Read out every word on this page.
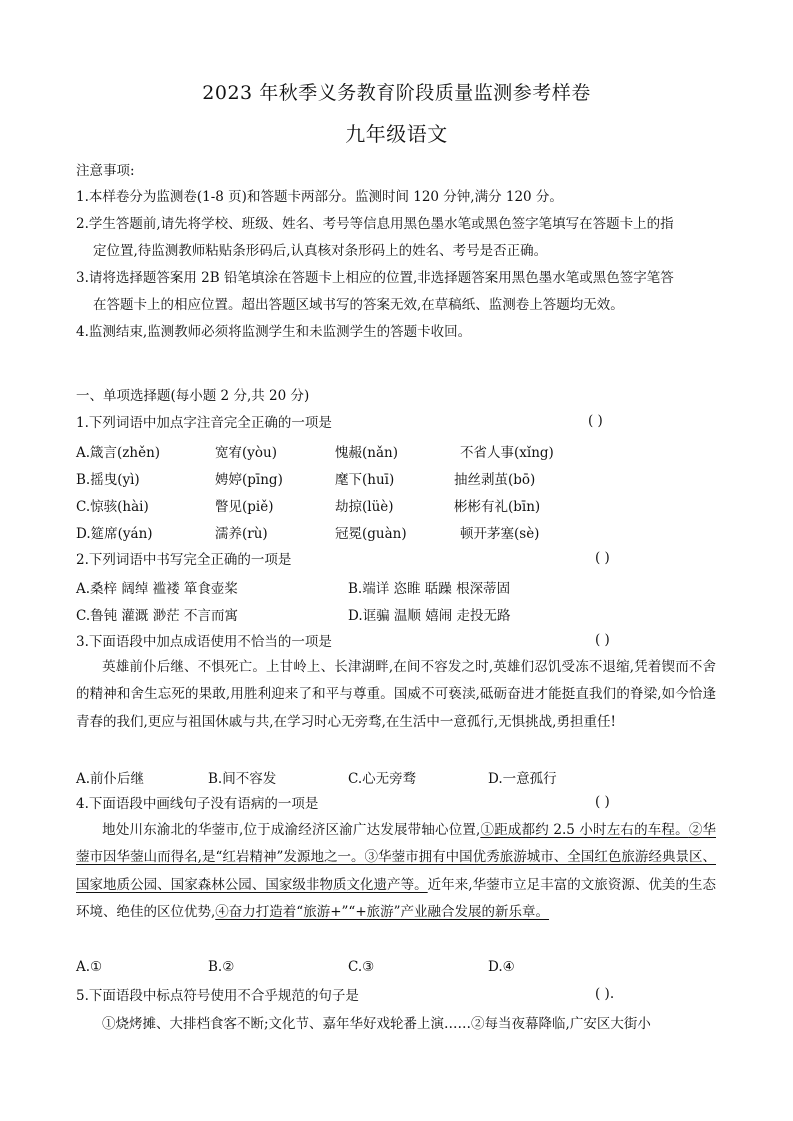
2023 年秋季义务教育阶段质量监测参考样卷
九年级语文
注意事项:
1.本样卷分为监测卷(1-8 页)和答题卡两部分。监测时间 120 分钟,满分 120 分。
2.学生答题前,请先将学校、班级、姓名、考号等信息用黑色墨水笔或黑色签字笔填写在答题卡上的指
定位置,待监测教师粘贴条形码后,认真核对条形码上的姓名、考号是否正确。
3.请将选择题答案用 2B 铅笔填涂在答题卡上相应的位置,非选择题答案用黑色墨水笔或黑色签字笔答
在答题卡上的相应位置。超出答题区域书写的答案无效,在草稿纸、监测卷上答题均无效。
4.监测结束,监测教师必须将监测学生和未监测学生的答题卡收回。
一、单项选择题(每小题 2 分,共 20 分)
1.下列词语中加点字注音完全正确的一项是	( )
A.箴言(zhěn)	宽宥(yòu)	愧赧(nǎn)	不省人事(xǐng)
B.摇曳(yì)	娉婷(pīng)	麾下(huī)	抽丝剥茧(bō)
C.惊骇(hài)	瞥见(piě)	劫掠(lüè)	彬彬有礼(bīn)
D.筵席(yán)	濡养(rù)	冠冕(guàn)	顿开茅塞(sè)
2.下列词语中书写完全正确的一项是	( )
A.桑梓 阔绰 褴褛 箪食壶桨	B.端详 恣睢 聒躁 根深蒂固
C.鲁钝 灌溉 渺茫 不言而寓	D.诓骗 温顺 嬉闹 走投无路
3.下面语段中加点成语使用不恰当的一项是	( )
英雄前仆后继、不惧死亡。上甘岭上、长津湖畔,在间不容发之时,英雄们忍饥受冻不退缩,凭着锲而不舍的精神和舍生忘死的果敢,用胜利迎来了和平与尊重。国威不可亵渎,砥砺奋进才能挺直我们的脊梁,如今恰逢青春的我们,更应与祖国休戚与共,在学习时心无旁骛,在生活中一意孤行,无惧挑战,勇担重任!
A.前仆后继	B.间不容发	C.心无旁骛	D.一意孤行
4.下面语段中画线句子没有语病的一项是	( )
地处川东渝北的华蓥市,位于成渝经济区渝广达发展带轴心位置,①距成都约 2.5 小时左右的车程。②华蓥市因华蓥山而得名,是“红岩精神”发源地之一。③华蓥市拥有中国优秀旅游城市、全国红色旅游经典景区、国家地质公园、国家森林公园、国家级非物质文化遗产等。近年来,华蓥市立足丰富的文旅资源、优美的生态环境、绝佳的区位优势,④奋力打造着“旅游+”“+旅游”产业融合发展的新乐章。
A.①	B.②	C.③	D.④
5.下面语段中标点符号使用不合乎规范的句子是	( ).
①烧烤摊、大排档食客不断;文化节、嘉年华好戏轮番上演……②每当夜幕降临,广安区大街小
